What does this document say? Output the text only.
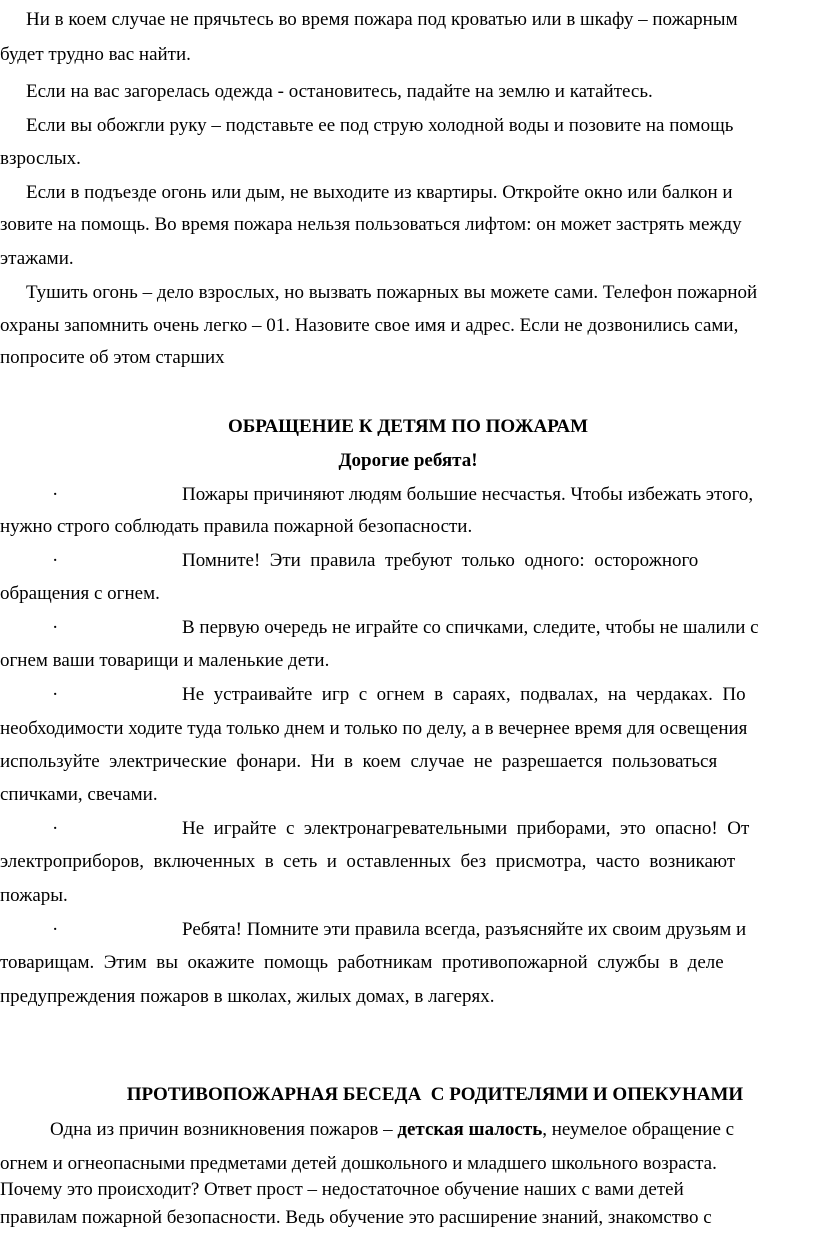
Ни в коем случае не прячьтесь во время пожара под кроватью или в шкафу – пожарным
будет трудно вас найти.
Если на вас загорелась одежда - остановитесь, падайте на землю и катайтесь.
Если вы обожгли руку – подставьте ее под струю холодной воды и позовите на помощь
взрослых.
Если в подъезде огонь или дым, не выходите из квартиры. Откройте окно или балкон и
зовите на помощь. Во время пожара нельзя пользоваться лифтом: он может застрять между
этажами.
Тушить огонь – дело взрослых, но вызвать пожарных вы можете сами. Телефон пожарной
охраны запомнить очень легко – 01. Назовите свое имя и адрес. Если не дозвонились сами,
попросите об этом старших
ОБРАЩЕНИЕ К ДЕТЯМ ПО ПОЖАРАМ
Дорогие ребята!
·	Пожары причиняют людям большие несчастья. Чтобы избежать этого,
нужно строго соблюдать правила пожарной безопасности.
·	Помните!  Эти  правила  требуют  только  одного:  осторожного
обращения с огнем.
·	В первую очередь не играйте со спичками, следите, чтобы не шалили с
огнем ваши товарищи и маленькие дети.
·	Не  устраивайте  игр  с  огнем  в  сараях,  подвалах,  на  чердаках.  По
необходимости ходите туда только днем и только по делу, а в вечернее время для освещения
используйте  электрические  фонари.  Ни  в  коем  случае  не  разрешается  пользоваться
спичками, свечами.
·	Не  играйте  с  электронагревательными  приборами,  это  опасно!  От
электроприборов,  включенных  в  сеть  и  оставленных  без  присмотра,  часто  возникают
пожары.
·	Ребята! Помните эти правила всегда, разъясняйте их своим друзьям и
товарищам.  Этим  вы  окажите  помощь  работникам  противопожарной  службы  в  деле
предупреждения пожаров в школах, жилых домах, в лагерях.
ПРОТИВОПОЖАРНАЯ БЕСЕДА  С РОДИТЕЛЯМИ И ОПЕКУНАМИ
Одна из причин возникновения пожаров – детская шалость, неумелое обращение с
огнем и огнеопасными предметами детей дошкольного и младшего школьного возраста.
Почему это происходит? Ответ прост – недостаточное обучение наших с вами детей
правилам пожарной безопасности. Ведь обучение это расширение знаний, знакомство с
